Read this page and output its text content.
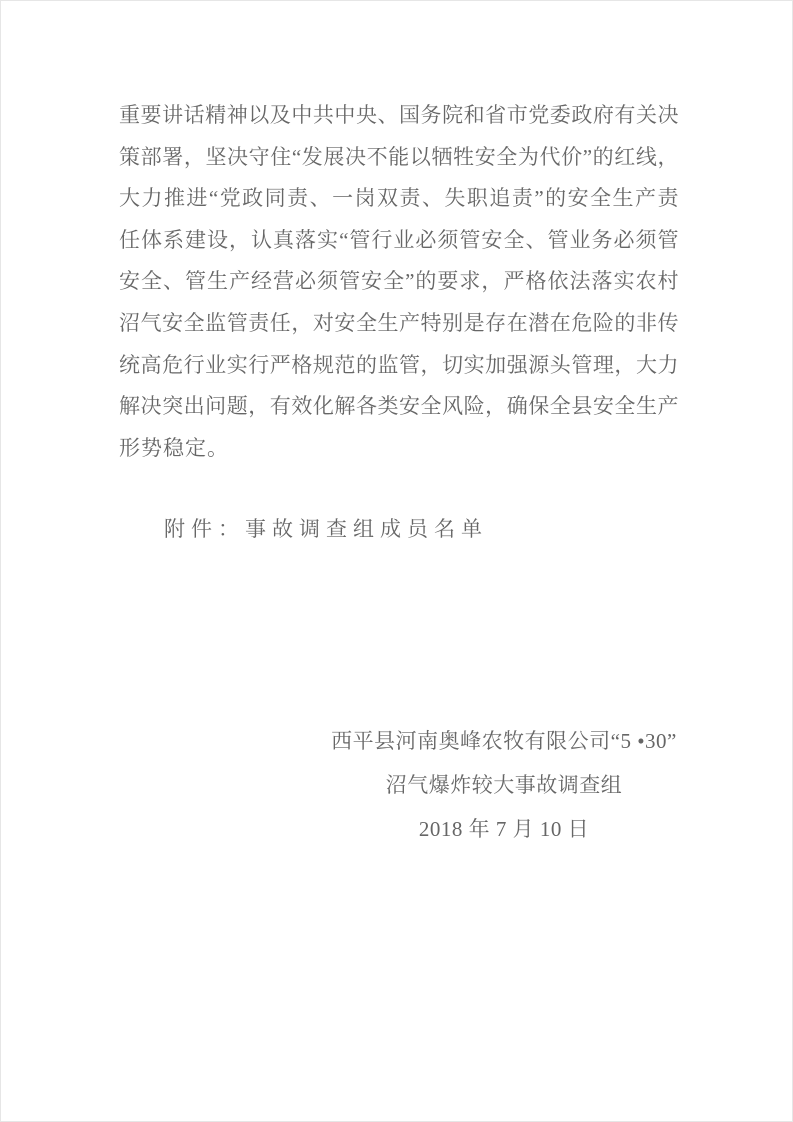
重要讲话精神以及中共中央、国务院和省市党委政府有关决
策部署，坚决守住“发展决不能以牺牲安全为代价”的红线，
大力推进“党政同责、一岗双责、失职追责”的安全生产责
任体系建设，认真落实“管行业必须管安全、管业务必须管
安全、管生产经营必须管安全”的要求，严格依法落实农村
沼气安全监管责任，对安全生产特别是存在潜在危险的非传
统高危行业实行严格规范的监管，切实加强源头管理，大力
解决突出问题，有效化解各类安全风险，确保全县安全生产
形势稳定。
附件：事故调查组成员名单
西平县河南奥峰农牧有限公司“5 •30”
沼气爆炸较大事故调查组
2018 年 7 月 10 日
